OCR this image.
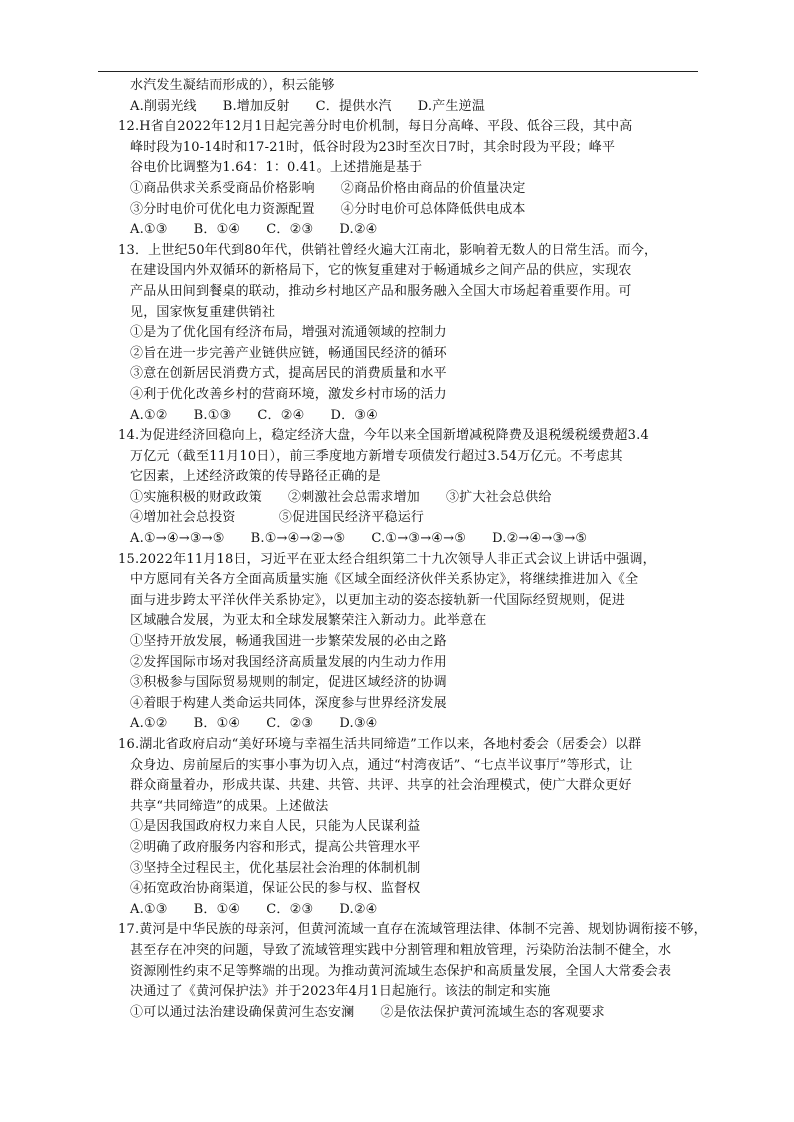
水汽发生凝结而形成的），积云能够
A.削弱光线      B.增加反射      C．提供水汽      D.产生逆温
12.H省自2022年12月1日起完善分时电价机制，每日分高峰、平段、低谷三段，其中高
峰时段为10-14时和17-21时，低谷时段为23时至次日7时，其余时段为平段；峰平
谷电价比调整为1.64：1：0.41。上述措施是基于
①商品供求关系受商品价格影响      ②商品价格由商品的价值量决定
③分时电价可优化电力资源配置      ④分时电价可总体降低供电成本
A.①③      B．①④      C．②③      D.②④
13．上世纪50年代到80年代，供销社曾经火遍大江南北，影响着无数人的日常生活。而今，
在建设国内外双循环的新格局下，它的恢复重建对于畅通城乡之间产品的供应，实现农
产品从田间到餐桌的联动，推动乡村地区产品和服务融入全国大市场起着重要作用。可
见，国家恢复重建供销社
①是为了优化国有经济布局，增强对流通领域的控制力
②旨在进一步完善产业链供应链，畅通国民经济的循环
③意在创新居民消费方式，提高居民的消费质量和水平
④利于优化改善乡村的营商环境，激发乡村市场的活力
A.①②      B.①③      C．②④      D．③④
14.为促进经济回稳向上，稳定经济大盘，今年以来全国新增减税降费及退税缓税缓费超3.4
万亿元（截至11月10日），前三季度地方新增专项债发行超过3.54万亿元。不考虑其
它因素，上述经济政策的传导路径正确的是
①实施积极的财政政策      ②刺激社会总需求增加      ③扩大社会总供给
④增加社会总投资          ⑤促进国民经济平稳运行
A.①→④→③→⑤      B.①→④→②→⑤      C.①→③→④→⑤      D.②→④→③→⑤
15.2022年11月18日，习近平在亚太经合组织第二十九次领导人非正式会议上讲话中强调，
中方愿同有关各方全面高质量实施《区域全面经济伙伴关系协定》，将继续推进加入《全
面与进步跨太平洋伙伴关系协定》，以更加主动的姿态接轨新一代国际经贸规则，促进
区域融合发展，为亚太和全球发展繁荣注入新动力。此举意在
①坚持开放发展，畅通我国进一步繁荣发展的必由之路
②发挥国际市场对我国经济高质量发展的内生动力作用
③积极参与国际贸易规则的制定，促进区域经济的协调
④着眼于构建人类命运共同体，深度参与世界经济发展
A.①②      B．①④      C．②③      D.③④
16.湖北省政府启动“美好环境与幸福生活共同缔造”工作以来，各地村委会（居委会）以群
众身边、房前屋后的实事小事为切入点，通过“村湾夜话”、“七点半议事厅”等形式，让
群众商量着办，形成共谋、共建、共管、共评、共享的社会治理模式，使广大群众更好
共享“共同缔造”的成果。上述做法
①是因我国政府权力来自人民，只能为人民谋利益
②明确了政府服务内容和形式，提高公共管理水平
③坚持全过程民主，优化基层社会治理的体制机制
④拓宽政治协商渠道，保证公民的参与权、监督权
A.①③      B．①④      C．②③      D.②④
17.黄河是中华民族的母亲河，但黄河流域一直存在流域管理法律、体制不完善、规划协调衔接不够，
甚至存在冲突的问题，导致了流域管理实践中分割管理和粗放管理，污染防治法制不健全，水
资源刚性约束不足等弊端的出现。为推动黄河流域生态保护和高质量发展，全国人大常委会表
决通过了《黄河保护法》并于2023年4月1日起施行。该法的制定和实施
①可以通过法治建设确保黄河生态安澜      ②是依法保护黄河流域生态的客观要求
